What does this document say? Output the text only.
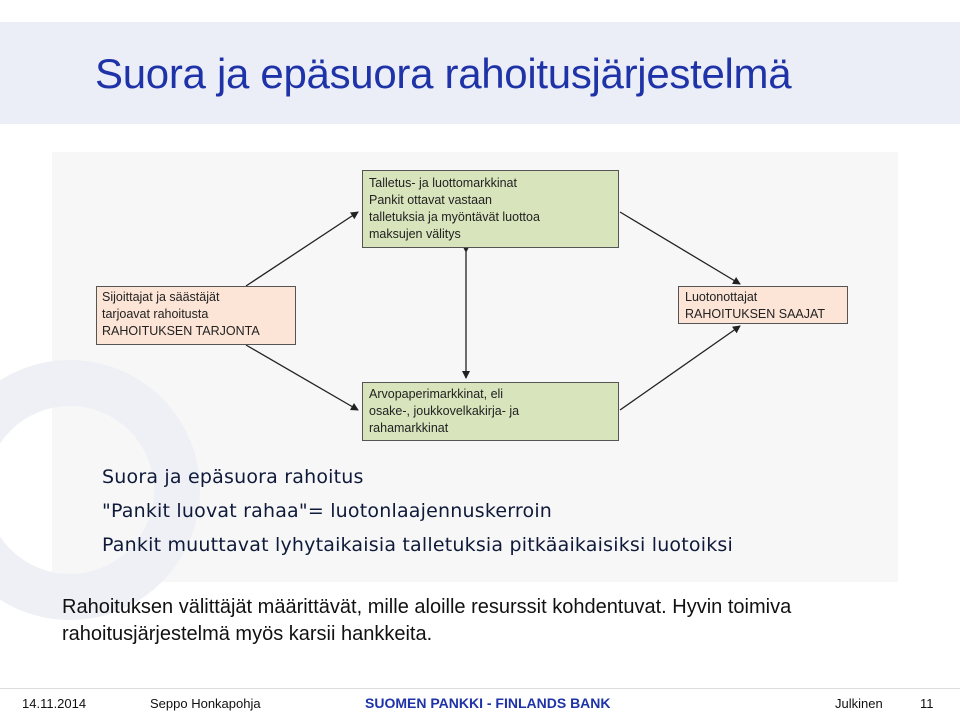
Suora ja epäsuora rahoitusjärjestelmä
Talletus- ja luottomarkkinat
Pankit ottavat vastaan
talletuksia ja myöntävät luottoa
maksujen välitys
Sijoittajat ja säästäjät
tarjoavat rahoitusta
RAHOITUKSEN TARJONTA
Luotonottajat
RAHOITUKSEN SAAJAT
Arvopaperimarkkinat, eli
osake-, joukkovelkakirja- ja
rahamarkkinat
Suora ja epäsuora rahoitus
"Pankit luovat rahaa"= luotonlaajennuskerroin
Pankit muuttavat lyhytaikaisia talletuksia pitkäaikaisiksi luotoiksi
Rahoituksen välittäjät määrittävät, mille aloille resurssit kohdentuvat. Hyvin toimiva
rahoitusjärjestelmä myös karsii hankkeita.
14.11.2014	Seppo Honkapohja	SUOMEN PANKKI - FINLANDS BANK	Julkinen	11
